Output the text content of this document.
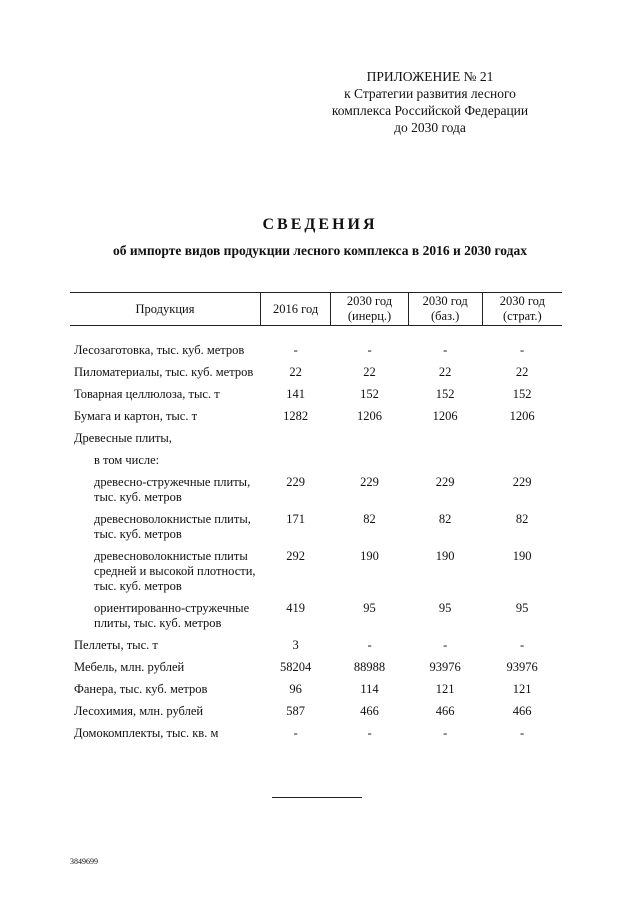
ПРИЛОЖЕНИЕ № 21
к Стратегии развития лесного
комплекса Российской Федерации
до 2030 года
СВЕДЕНИЯ
об импорте видов продукции лесного комплекса в 2016 и 2030 годах
Продукция	2016 год	2030 год (инерц.)	2030 год (баз.)	2030 год (страт.)

Лесозаготовка, тыс. куб. метров	-	-	-	-
Пиломатериалы, тыс. куб. метров	22	22	22	22
Товарная целлюлоза, тыс. т	141	152	152	152
Бумага и картон, тыс. т	1282	1206	1206	1206
Древесные плиты,				
в том числе:				
древесно-стружечные плиты, тыс. куб. метров	229	229	229	229
древесноволокнистые плиты, тыс. куб. метров	171	82	82	82
древесноволокнистые плиты средней и высокой плотности, тыс. куб. метров	292	190	190	190
ориентированно-стружечные плиты, тыс. куб. метров	419	95	95	95
Пеллеты, тыс. т	3	-	-	-
Мебель, млн. рублей	58204	88988	93976	93976
Фанера, тыс. куб. метров	96	114	121	121
Лесохимия, млн. рублей	587	466	466	466
Домокомплекты, тыс. кв. м	-	-	-	-
3849699
